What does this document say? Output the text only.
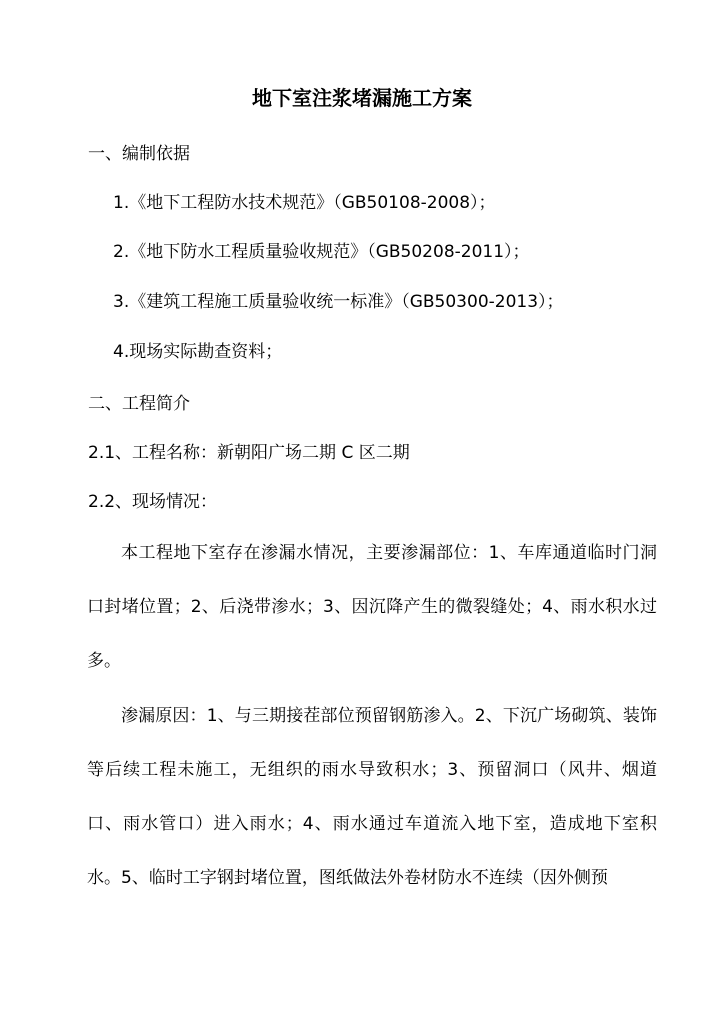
地下室注浆堵漏施工方案
一、编制依据
1.《地下工程防水技术规范》（GB50108-2008）；
2.《地下防水工程质量验收规范》（GB50208-2011）；
3.《建筑工程施工质量验收统一标准》（GB50300-2013）；
4.现场实际勘查资料；
二、工程简介
2.1、工程名称：新朝阳广场二期 C 区二期
2.2、现场情况：
本工程地下室存在渗漏水情况，主要渗漏部位：1、车库通道临时门洞口封堵位置；2、后浇带渗水；3、因沉降产生的微裂缝处；4、雨水积水过多。
渗漏原因：1、与三期接茬部位预留钢筋渗入。2、下沉广场砌筑、装饰等后续工程未施工，无组织的雨水导致积水；3、预留洞口（风井、烟道口、雨水管口）进入雨水；4、雨水通过车道流入地下室，造成地下室积水。5、临时工字钢封堵位置，图纸做法外卷材防水不连续（因外侧预
